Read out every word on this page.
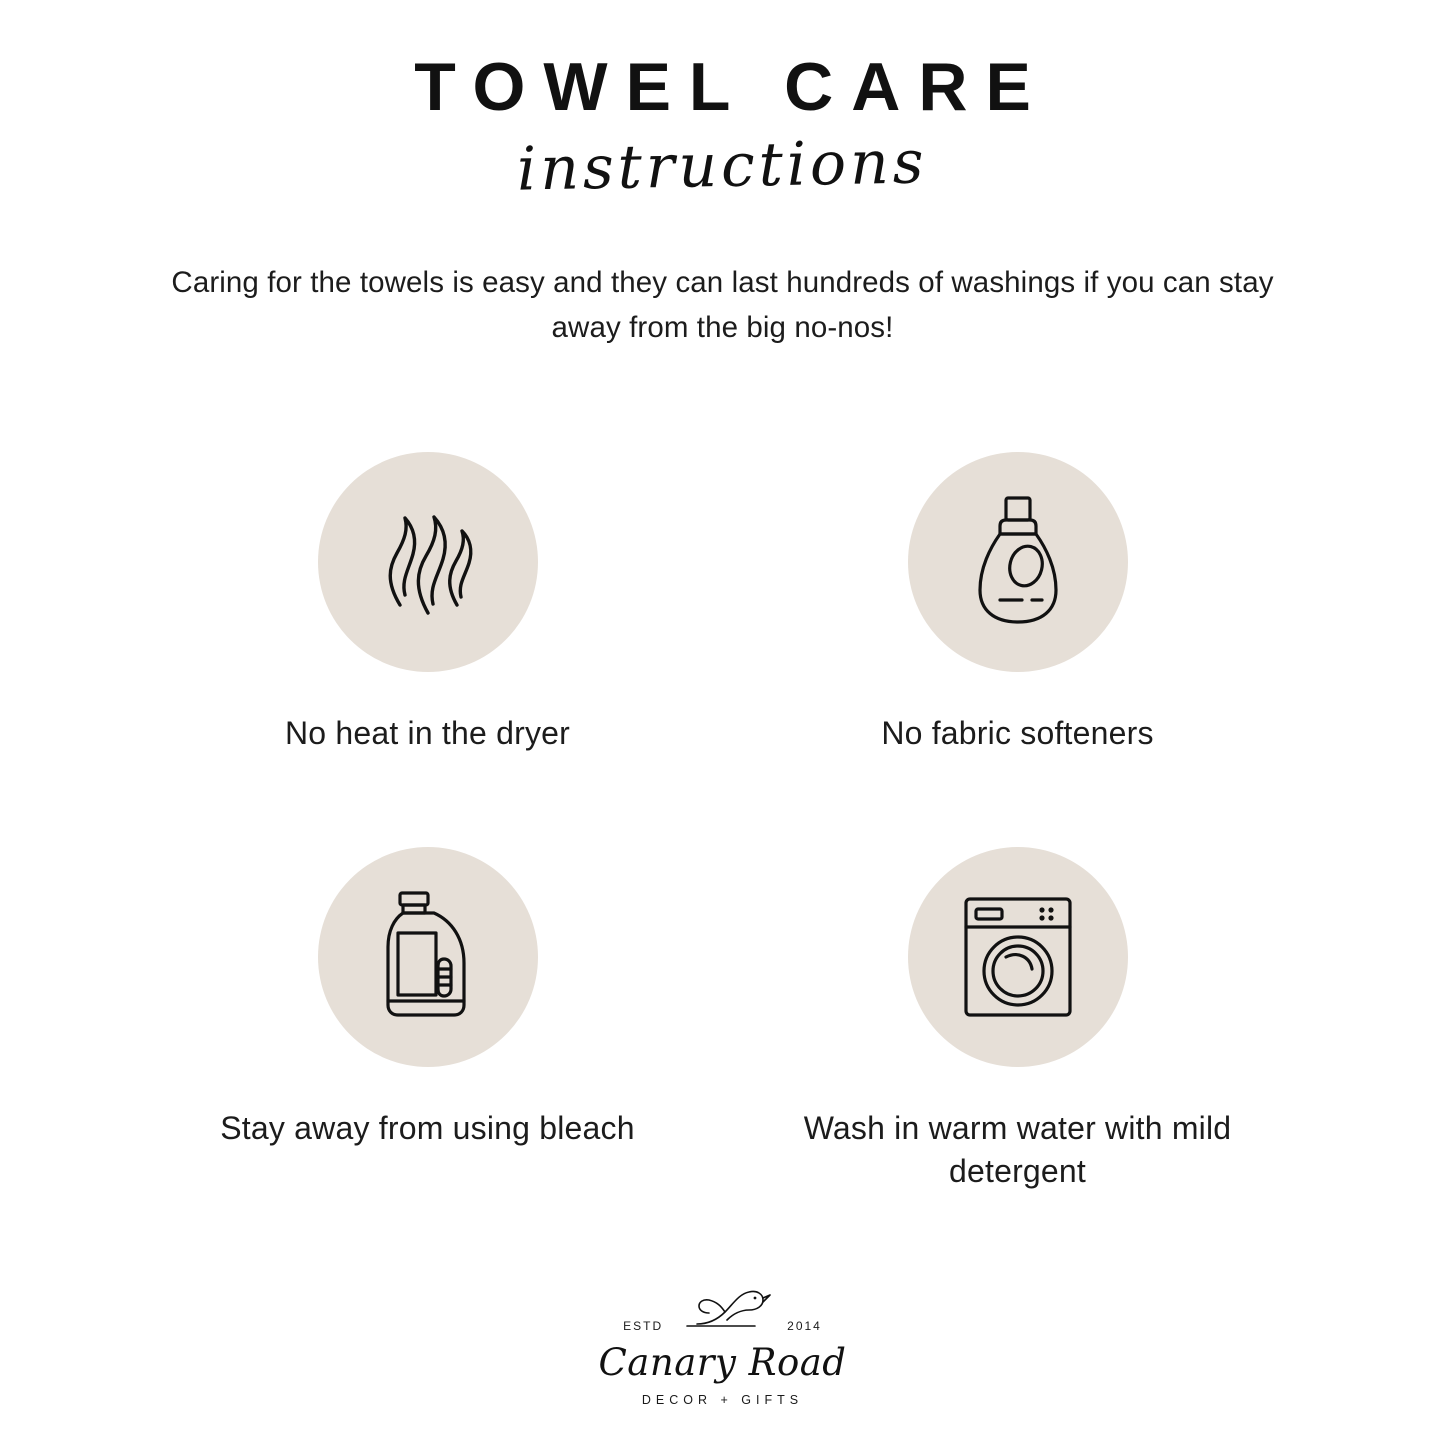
TOWEL CARE
instructions

Caring for the towels is easy and they can last hundreds of washings if you can stay away from the big no-nos!

No heat in the dryer	No fabric softeners
Stay away from using bleach	Wash in warm water with mild detergent
ESTD	2014
Canary Road
DECOR + GIFTS
